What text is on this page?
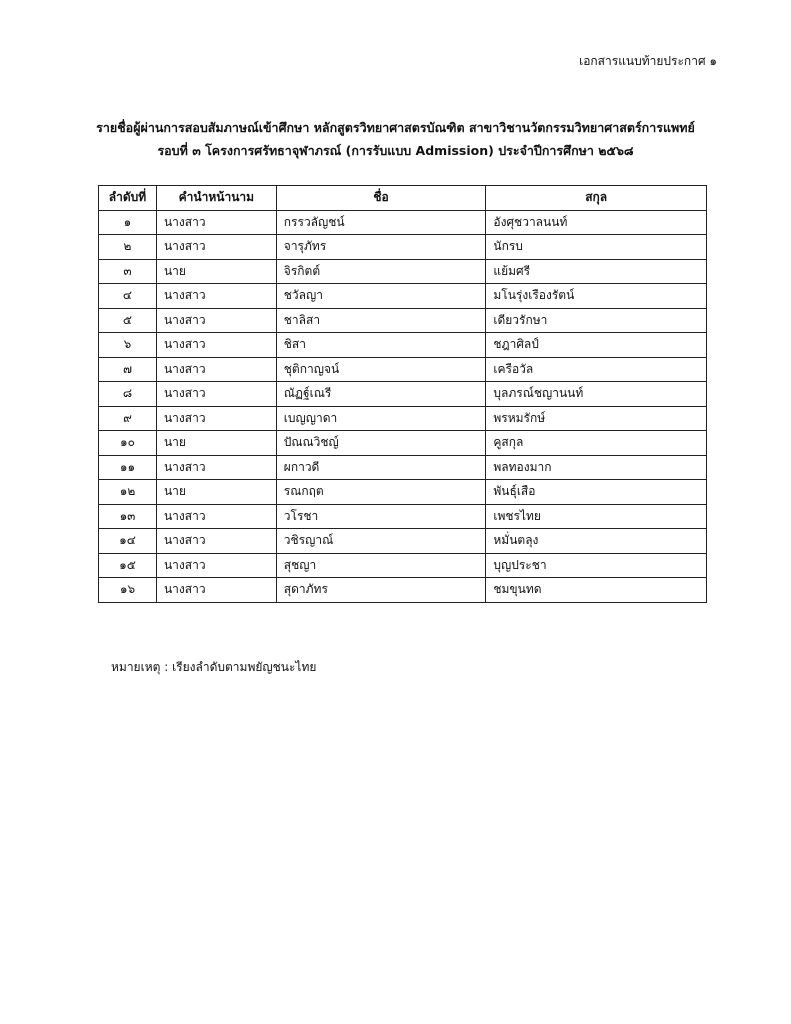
เอกสารแนบท้ายประกาศ ๑
รายชื่อผู้ผ่านการสอบสัมภาษณ์เข้าศึกษา หลักสูตรวิทยาศาสตรบัณฑิต สาขาวิชานวัตกรรมวิทยาศาสตร์การแพทย์
รอบที่ ๓ โครงการศรัทธาจุฬาภรณ์ (การรับแบบ Admission) ประจำปีการศึกษา ๒๕๖๘
ลำดับที่	คำนำหน้านาม	ชื่อ	สกุล
๑	นางสาว	กรรวลัญชน์	อังศุชวาลนนท์
๒	นางสาว	จารุภัทร	นักรบ
๓	นาย	จิรกิตต์	แย้มศรี
๔	นางสาว	ชวัลญา	มโนรุ่งเรืองรัตน์
๕	นางสาว	ชาลิสา	เดียวรักษา
๖	นางสาว	ชิสา	ชฎาศิลป์
๗	นางสาว	ชุติกาญจน์	เครือวัล
๘	นางสาว	ณัฏฐ์เณรี	บุลภรณ์ชญานนท์
๙	นางสาว	เบญญาดา	พรหมรักษ์
๑๐	นาย	ปัณณวิชญ์	คูสกุล
๑๑	นางสาว	ผกาวดี	พลทองมาก
๑๒	นาย	รณกฤต	พันธุ์เสือ
๑๓	นางสาว	วโรชา	เพชรไทย
๑๔	นางสาว	วชิรญาณ์	หมั่นตลุง
๑๕	นางสาว	สุชญา	บุญประชา
๑๖	นางสาว	สุดาภัทร	ชมขุนทด
หมายเหตุ : เรียงลำดับตามพยัญชนะไทย
